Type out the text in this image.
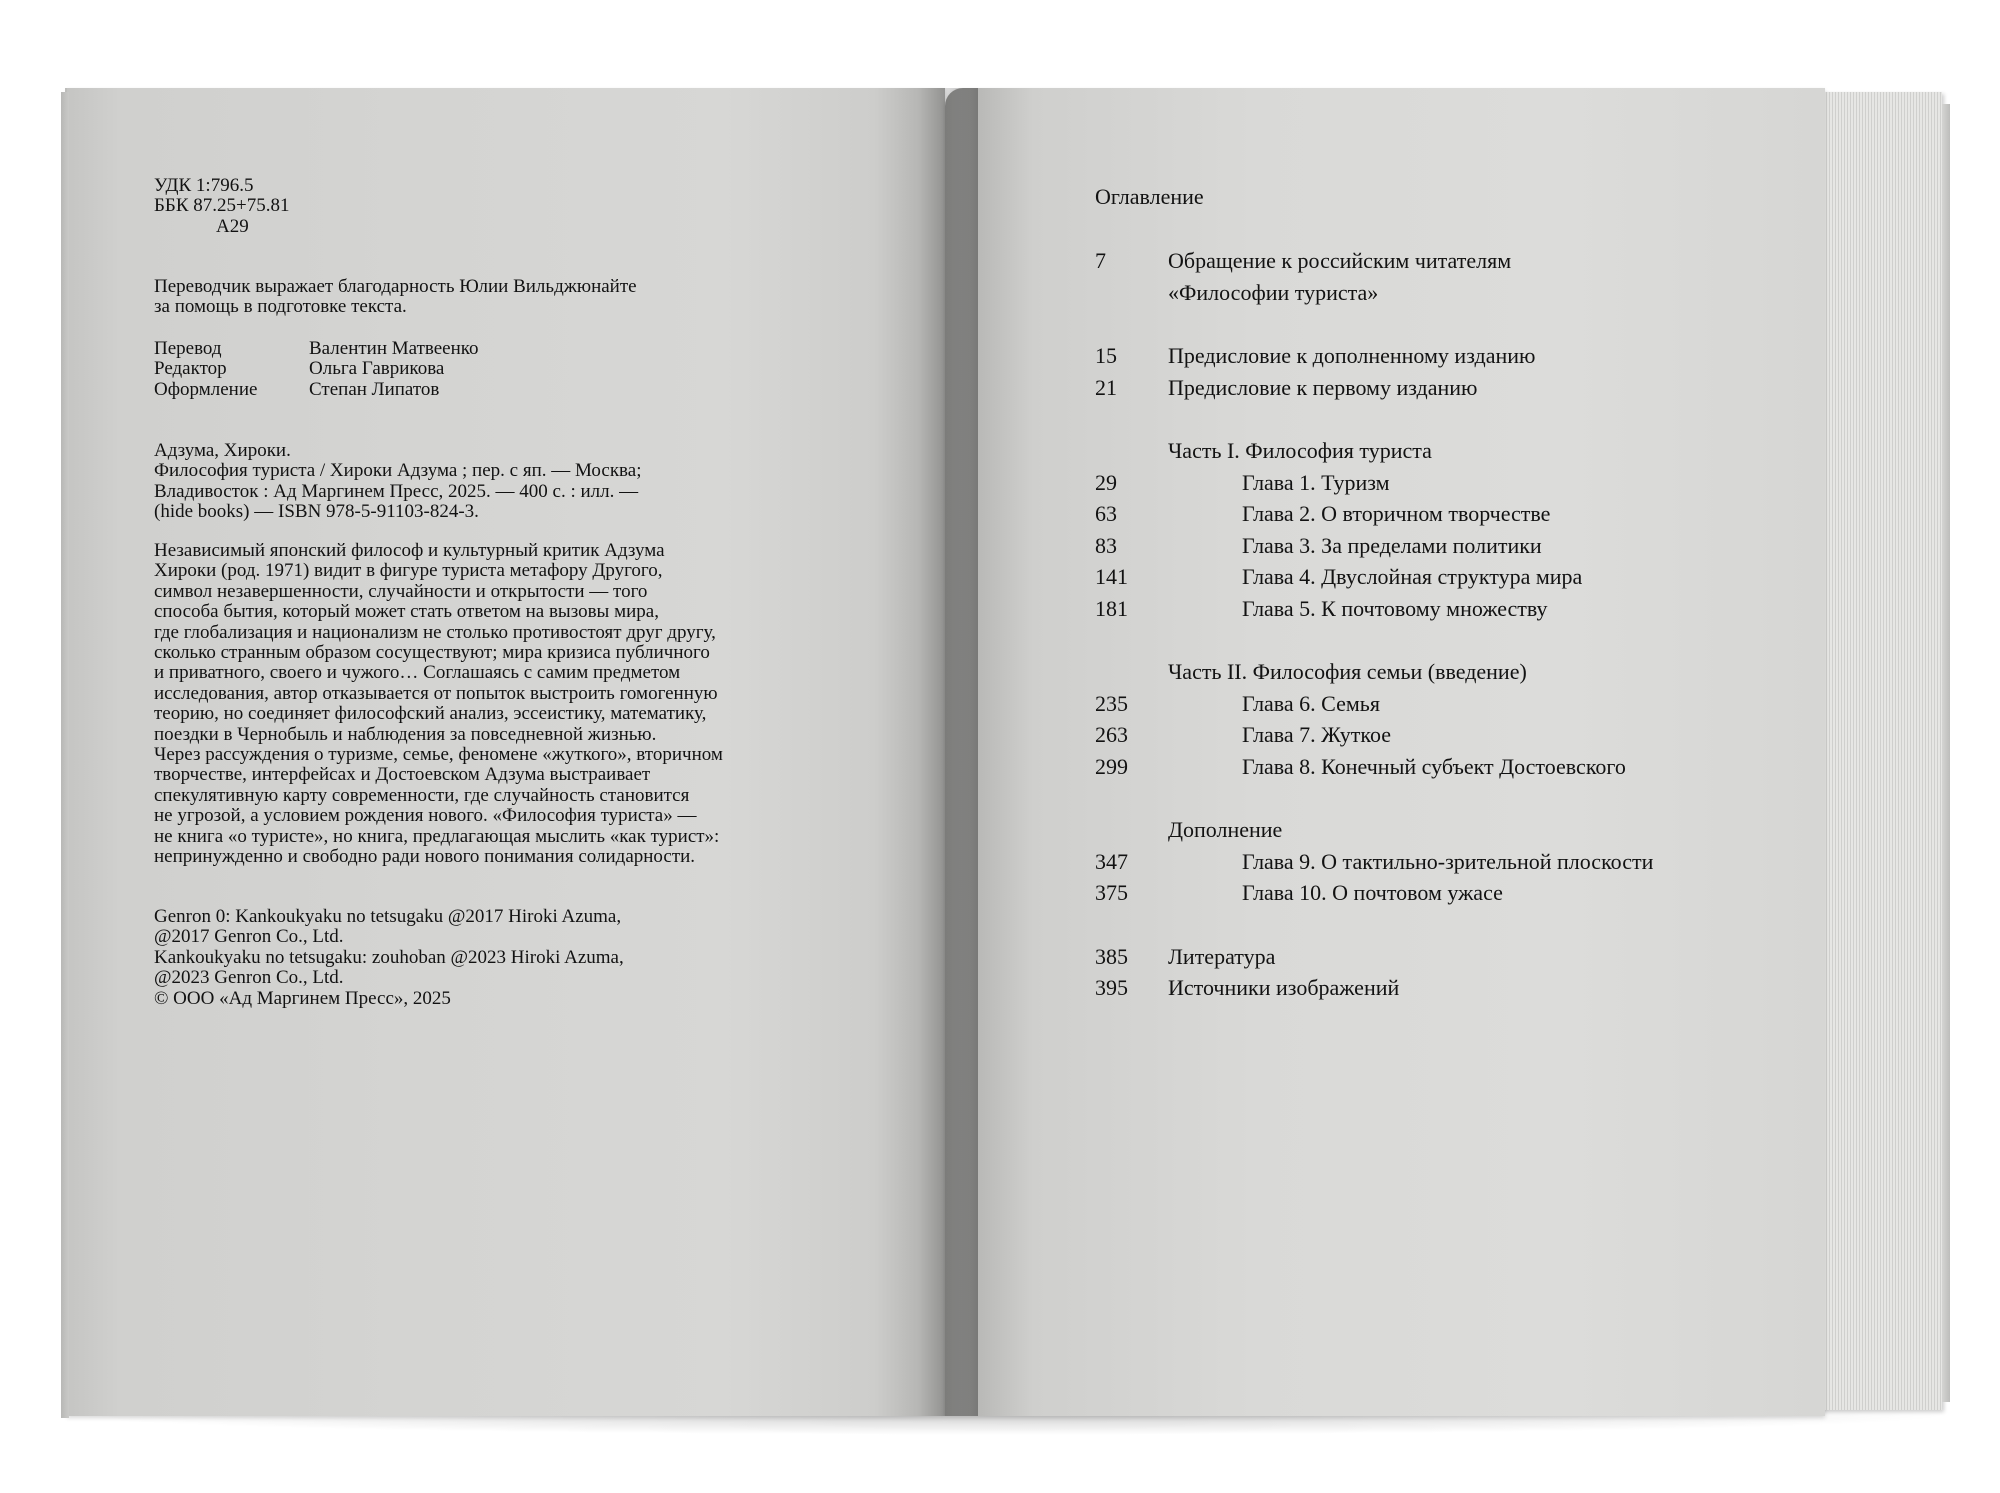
УДК 1:796.5
ББК 87.25+75.81
А29
Переводчик выражает благодарность Юлии Вильджюнайте
за помощь в подготовке текста.
Перевод	Валентин Матвеенко
Редактор	Ольга Гаврикова
Оформление	Степан Липатов
Адзума, Хироки.
Философия туриста / Хироки Адзума ; пер. с яп. — Москва;
Владивосток : Ад Маргинем Пресс, 2025. — 400 с. : илл. —
(hide books) — ISBN 978-5-91103-824-3.
Независимый японский философ и культурный критик Адзума
Хироки (род. 1971) видит в фигуре туриста метафору Другого,
символ незавершенности, случайности и открытости — того
способа бытия, который может стать ответом на вызовы мира,
где глобализация и национализм не столько противостоят друг другу,
сколько странным образом сосуществуют; мира кризиса публичного
и приватного, своего и чужого… Соглашаясь с самим предметом
исследования, автор отказывается от попыток выстроить гомогенную
теорию, но соединяет философский анализ, эссеистику, математику,
поездки в Чернобыль и наблюдения за повседневной жизнью.
Через рассуждения о туризме, семье, феномене «жуткого», вторичном
творчестве, интерфейсах и Достоевском Адзума выстраивает
спекулятивную карту современности, где случайность становится
не угрозой, а условием рождения нового. «Философия туриста» —
не книга «о туристе», но книга, предлагающая мыслить «как турист»:
непринужденно и свободно ради нового понимания солидарности.
Genron 0: Kankoukyaku no tetsugaku @2017 Hiroki Azuma,
@2017 Genron Co., Ltd.
Kankoukyaku no tetsugaku: zouhoban @2023 Hiroki Azuma,
@2023 Genron Co., Ltd.
© ООО «Ад Маргинем Пресс», 2025
Оглавление
7	Обращение к российским читателям
«Философии туриста»
15	Предисловие к дополненному изданию
21	Предисловие к первому изданию
Часть I. Философия туриста
29	Глава 1. Туризм
63	Глава 2. О вторичном творчестве
83	Глава 3. За пределами политики
141	Глава 4. Двуслойная структура мира
181	Глава 5. К почтовому множеству
Часть II. Философия семьи (введение)
235	Глава 6. Семья
263	Глава 7. Жуткое
299	Глава 8. Конечный субъект Достоевского
Дополнение
347	Глава 9. О тактильно-зрительной плоскости
375	Глава 10. О почтовом ужасе
385	Литература
395	Источники изображений
